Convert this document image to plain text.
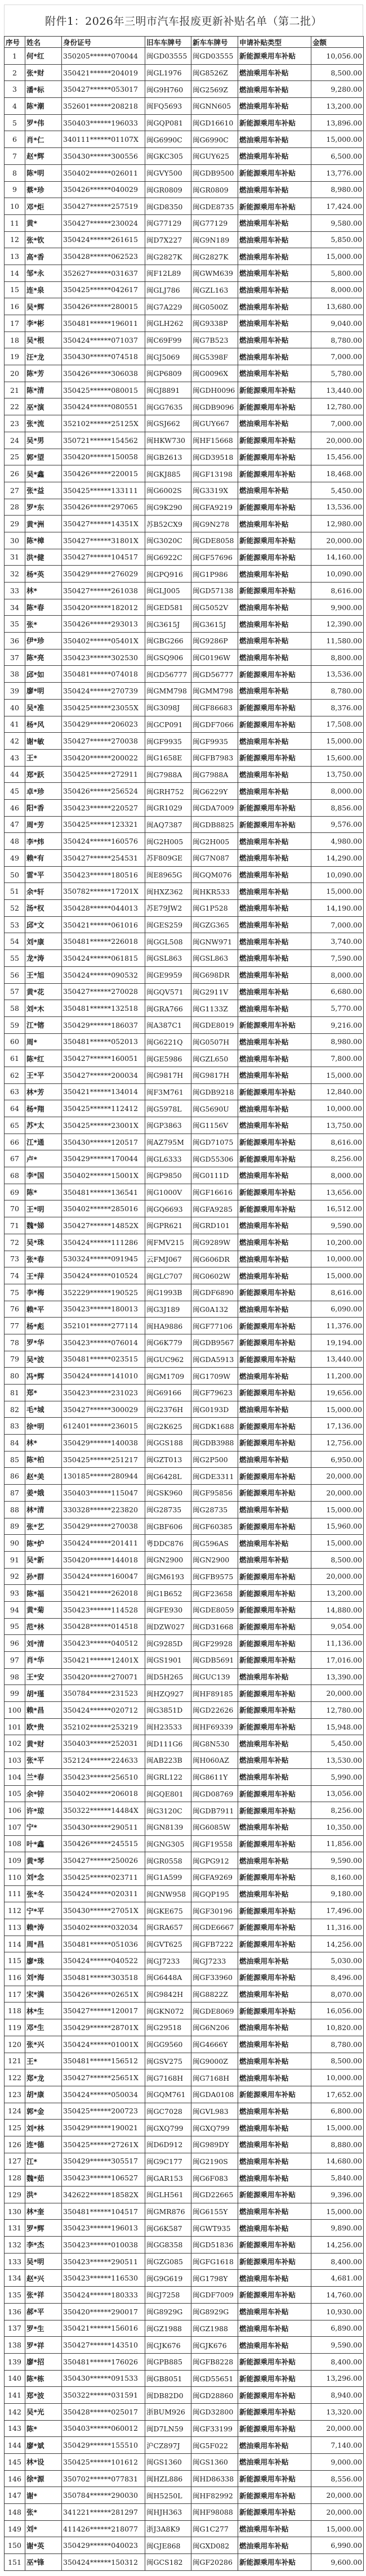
附件1：2026年三明市汽车报废更新补贴名单（第二批）
序号	姓名	身份证号	旧车车牌号	新车车牌号	申请补贴类型	金额
1	何*红	350205******070044	闽GD03555	闽GD03555	新能源乘用车补贴	10,056.00
2	张*财	350421******204019	闽GL1976	闽G8526Z	燃油乘用车补贴	8,500.00
3	潘*标	350427******053017	闽G9H760	闽G2569Z	燃油乘用车补贴	9,280.00
4	陈*潮	352601******208218	闽FQ5693	闽GNN605	燃油乘用车补贴	13,200.00
5	罗*伟	350403******196033	闽GQP081	闽GD16610	新能源乘用车补贴	13,896.00
6	肖*仁	340111******01107X	闽G6990C	闽G6990C	燃油乘用车补贴	15,000.00
7	赵*辉	350430******300556	闽GKC305	闽GUY625	燃油乘用车补贴	6,500.00
8	陈*明	350402******026011	闽GVY500	闽GDB9500	新能源乘用车补贴	13,776.00
9	蔡*珍	350426******040029	闽GR0809	闽GR0809	燃油乘用车补贴	8,980.00
10	邓*炬	350427******257519	闽GD8350	闽GDE8735	新能源乘用车补贴	17,424.00
11	黄*	350427******230024	闽G77129	闽G77129	燃油乘用车补贴	9,580.00
12	张*钦	350424******261615	闽D7X227	闽G9N189	燃油乘用车补贴	5,850.00
13	高*香	350428******062523	闽G2827K	闽G2827K	燃油乘用车补贴	15,000.00
14	邹*永	352627******031637	闽F12L89	闽GWM639	燃油乘用车补贴	5,800.00
15	连*泉	350425******042617	闽GLJ786	闽GZL163	燃油乘用车补贴	8,000.00
16	吴*辉	350426******280015	闽G7A229	闽G0500Z	燃油乘用车补贴	13,680.00
17	李*彬	350481******196011	闽GLH262	闽G9338P	燃油乘用车补贴	9,040.00
18	吴*根	350424******071037	闽C69F99	闽G7B523	燃油乘用车补贴	8,780.00
19	汪*龙	350430******074518	闽GJ5069	闽G5398F	燃油乘用车补贴	7,000.00
20	陈*芳	350426******306038	闽GP6809	闽G0096X	燃油乘用车补贴	5,780.00
21	陈*清	350425******080015	闽GJ8891	闽GDH0096	新能源乘用车补贴	13,440.00
22	巫*演	350424******080551	闽GG7635	闽GDB9096	新能源乘用车补贴	12,780.00
23	张*流	352102******25125X	闽GSJ662	闽GUY667	燃油乘用车补贴	7,000.00
24	吴*男	350721******154562	闽HKW730	闽HF15668	新能源乘用车补贴	20,000.00
25	郭*望	350420******150058	闽GB2613	闽GD39518	新能源乘用车补贴	15,456.00
26	吴*鑫	350426******220015	闽GKJ885	闽GF13198	新能源乘用车补贴	18,468.00
27	张*益	350425******133111	闽G6002S	闽G3319X	燃油乘用车补贴	5,450.00
28	罗*东	350426******297065	闽G9K290	闽GFA9219	新能源乘用车补贴	13,536.00
29	黄*洲	350427******14351X	苏B52CX9	闽G9N278	燃油乘用车补贴	12,980.00
30	陈*樟	350427******31801X	闽G3020C	闽GDE8058	新能源乘用车补贴	20,000.00
31	洪*健	350427******104517	闽G6922C	闽GF57696	新能源乘用车补贴	14,160.00
32	杨*英	350429******276029	闽GPQ916	闽G1P986	燃油乘用车补贴	10,090.00
33	林*	350427******261038	闽GLJ005	闽GD57138	新能源乘用车补贴	8,616.00
34	陈*春	350420******182012	闽GED581	闽G5052V	燃油乘用车补贴	9,900.00
35	张*	350426******293013	闽G3615J	闽G3615J	燃油乘用车补贴	12,390.00
36	伊*珍	350402******05401X	闽GBG266	闽G9286P	燃油乘用车补贴	11,580.00
37	陈*亮	350423******302530	闽GSQ906	闽G0196W	燃油乘用车补贴	8,800.00
38	邱*如	350481******074018	闽GD56777	闽GD56777	新能源乘用车补贴	13,536.00
39	廖*明	350424******270739	闽GMM798	闽GMM798	燃油乘用车补贴	8,780.00
40	吴*准	350425******23055X	闽G3098J	闽GF86683	新能源乘用车补贴	8,376.00
41	杨*风	350429******206023	闽GCP091	闽GDF7066	新能源乘用车补贴	17,508.00
42	谢*敏	350427******270038	闽GF9935	闽GF9935	燃油乘用车补贴	15,000.00
43	王*	350420******200022	闽G1658E	闽GFB7983	新能源乘用车补贴	15,600.00
44	郑*跃	350425******272911	闽G7988A	闽G7988A	燃油乘用车补贴	13,750.00
45	卓*珍	350426******256524	闽GRH752	闽G6229Y	燃油乘用车补贴	8,000.00
46	阳*香	350423******220527	闽GR1029	闽GDA7009	新能源乘用车补贴	8,856.00
47	周*芳	350425******123321	闽AQ7387	闽GDB8825	新能源乘用车补贴	9,576.00
48	李*炜	350424******160576	闽G2H005	闽G2H005	燃油乘用车补贴	4,980.00
49	赖*有	350427******254531	苏F809GE	闽G7N087	燃油乘用车补贴	14,290.00
50	雷*平	350423******180516	闽E8965G	闽GQM076	燃油乘用车补贴	10,090.00
51	余*轩	350782******17201X	闽HXZ362	闽HKR533	燃油乘用车补贴	15,000.00
52	汤*权	350428******044013	苏E79JW2	闽G1P528	燃油乘用车补贴	14,190.00
53	邱*文	350421******061016	闽GES259	闽GZG365	燃油乘用车补贴	7,000.00
54	刘*康	350481******226018	闽GGL508	闽GNW971	燃油乘用车补贴	3,740.00
55	龙*涛	350424******061815	闽GSL863	闽GSL863	燃油乘用车补贴	7,590.00
56	王*旭	350424******090532	闽GE9959	闽G698DR	燃油乘用车补贴	8,000.00
57	黄*花	350427******270028	闽GQV571	闽G2911V	燃油乘用车补贴	6,680.00
58	刘*木	350481******132518	闽GRA766	闽G1133Z	燃油乘用车补贴	5,770.00
59	江*镕	350429******186037	闽A387C1	闽GDE8019	新能源乘用车补贴	9,216.00
60	周*	350481******052013	闽G6221Q	闽G0507H	燃油乘用车补贴	8,980.00
61	陈*红	350427******160051	闽GE5986	闽GZL650	燃油乘用车补贴	7,800.00
62	王*平	350427******200034	闽G9817H	闽G9817H	燃油乘用车补贴	15,000.00
63	林*芳	350421******134014	闽F3M761	闽GDB9218	新能源乘用车补贴	12,840.00
64	杨*翔	350425******112412	闽G5978L	闽G5690U	燃油乘用车补贴	10,000.00
65	苏*太	350425******23001X	闽GP3863	闽G1156V	燃油乘用车补贴	13,750.00
66	江*通	350430******120517	闽AZ795M	闽GD71075	新能源乘用车补贴	8,616.00
67	卢*	350429******170044	闽GL6333	闽GD55306	新能源乘用车补贴	8,256.00
68	李*国	350402******15001X	闽GP9850	闽G0111D	燃油乘用车补贴	8,000.00
69	陈*	350481******136541	闽G1000V	闽GF16616	新能源乘用车补贴	13,656.00
70	王*明	350402******285016	闽GQ6693	闽GFA9285	新能源乘用车补贴	16,512.00
71	魏*娣	350427******14852X	闽GPR621	闽GRD101	燃油乘用车补贴	9,590.00
72	吴*珠	350424******111286	闽FMV215	闽G9289W	燃油乘用车补贴	10,200.00
73	张*春	530324******091945	云FMJ067	闽G606DR	燃油乘用车补贴	10,000.00
74	王*萍	350424******010524	闽GLC707	闽G0602W	燃油乘用车补贴	15,000.00
75	李*梅	352229******190525	闽G1993B	闽GDF6890	新能源乘用车补贴	8,616.00
76	赖*平	350423******180013	闽G3J189	闽G0A132	燃油乘用车补贴	6,090.00
77	杨*彪	352101******277114	闽HA9886	闽GF77106	新能源乘用车补贴	11,376.00
78	罗*华	350423******076014	闽G6K779	闽GDB9567	新能源乘用车补贴	19,194.00
79	吴*波	350481******023515	闽GUC962	闽GDA5913	新能源乘用车补贴	13,440.00
80	冯*辉	350424******141010	闽GM1709	闽G1709W	燃油乘用车补贴	11,200.00
81	郑*	350423******231023	闽G69166	闽GF79623	新能源乘用车补贴	19,656.00
82	毛*城	350427******300029	闽G2376H	闽G0193D	燃油乘用车补贴	15,000.00
83	徐*明	612401******236015	闽G2K625	闽GDK1688	新能源乘用车补贴	17,136.00
84	林*	350429******140038	闽GGS188	闽GDB3988	新能源乘用车补贴	12,756.00
85	陈*柏	350425******251217	闽GZT013	闽G2P500	燃油乘用车补贴	6,950.00
86	赵*美	130185******280944	闽G6428L	闽GDE3311	新能源乘用车补贴	20,000.00
87	姜*娥	350403******115047	闽GSK960	闽GF95856	新能源乘用车补贴	20,000.00
88	林*清	330328******223820	闽G28735	闽G28735	燃油乘用车补贴	15,000.00
89	张*艺	350429******270038	闽GBF606	闽GF60385	新能源乘用车补贴	15,960.00
90	陈*炉	350424******201411	粤DDC876	闽G596AS	燃油乘用车补贴	15,000.00
91	吴*新	350420******144018	闽GN2900	闽GN2900	燃油乘用车补贴	8,500.00
92	孙*群	350424******160047	闽GM6193	闽GFB9575	新能源乘用车补贴	20,000.00
93	陈*福	350421******262018	闽G1B652	闽GF23658	新能源乘用车补贴	13,200.00
94	黄*菊	350423******114528	闽GFE930	闽GDE8059	新能源乘用车补贴	14,880.00
95	范*林	350428******014518	闽DZW027	闽GD31668	新能源乘用车补贴	9,054.00
96	刘*清	350423******040512	闽G9285D	闽GF29928	新能源乘用车补贴	11,136.00
97	肖*华	350421******12401X	闽GS1901	闽GDB5691	新能源乘用车补贴	17,016.00
98	王*安	350420******270071	闽D5H265	闽GUC139	燃油乘用车补贴	13,390.00
99	胡*瑾	350784******231523	闽HZQ927	闽HF89185	新能源乘用车补贴	20,000.00
100	赖*昌	350424******020712	闽G3851D	闽GD22626	新能源乘用车补贴	12,780.00
101	欧*贵	352102******253219	闽H23533	闽HF69339	新能源乘用车补贴	15,948.00
102	黄*财	350403******252031	闽D111G6	闽G8N530	燃油乘用车补贴	5,450.00
103	张*平	352124******224633	闽AB223B	闽H060AZ	燃油乘用车补贴	13,530.00
104	兰*春	350423******256510	闽GRL122	闽G8611Y	燃油乘用车补贴	5,990.00
105	余*锌	350402******206018	闽GQE801	闽GD08769	新能源乘用车补贴	13,056.00
106	许*琼	350322******14484X	闽G3120C	闽GDB7911	新能源乘用车补贴	8,256.00
107	宁*	350430******290511	闽GN8139	闽G6085W	燃油乘用车补贴	10,350.00
108	叶*鑫	350426******245515	闽GNG305	闽GF19558	新能源乘用车补贴	11,856.00
109	黄*琴	350427******250026	闽GR0558	闽GPG912	燃油乘用车补贴	9,590.00
110	刘*念	350425******023711	闽G1A599	闽GFA9269	新能源乘用车补贴	8,160.00
111	张*冬	350424******020311	闽GNW958	闽GQP195	燃油乘用车补贴	9,180.00
112	宁*平	350430******27051X	闽GKE675	闽GF30196	新能源乘用车补贴	17,496.00
113	赖*涛	350402******032034	闽GRA657	闽GDE6667	新能源乘用车补贴	11,316.00
114	周*昌	350481******051036	闽GVT625	闽GFB7222	新能源乘用车补贴	14,256.00
115	廖*珠	350424******040522	闽GJ7233	闽GJ7233	燃油乘用车补贴	5,030.00
116	刘*海	350481******303518	闽G6448A	闽GF33960	新能源乘用车补贴	8,496.00
117	宋*满	350426******02651X	闽G9842H	闽G8822Z	燃油乘用车补贴	8,070.00
118	林*生	350427******120017	闽GKN072	闽GDE8069	新能源乘用车补贴	16,056.00
119	邓*生	350429******28701X	闽G29518	闽G6N206	燃油乘用车补贴	10,820.00
120	张*兴	350424******01001X	闽GG9560	闽G4666Y	燃油乘用车补贴	8,780.00
121	王*	350481******156512	闽GSV275	闽G9000Z	燃油乘用车补贴	8,500.00
122	郑*龙	350427******25651X	闽G7168H	闽G7168H	燃油乘用车补贴	10,000.00
123	胡*康	350424******050034	闽GQM761	闽GDA0108	新能源乘用车补贴	17,652.00
124	郭*金	350425******200723	闽GC7028	闽GVL983	燃油乘用车补贴	6,800.00
125	刘*林	350429******190021	闽GXQ799	闽GXQ799	燃油乘用车补贴	15,000.00
126	连*德	350425******27261X	闽D6D912	闽G989DY	燃油乘用车补贴	8,880.00
127	江*	350429******305517	闽G9C177	闽G2190S	燃油乘用车补贴	14,680.00
128	魏*茹	350423******106527	闽GAR153	闽G6F083	燃油乘用车补贴	5,840.00
129	洪*	342622******18582X	闽GLH561	闽GD22665	新能源乘用车补贴	9,396.00
130	林*奎	350481******104517	闽GMR876	闽G6155Y	燃油乘用车补贴	15,000.00
131	罗*辉	350423******196013	闽G6K587	闽GWT935	燃油乘用车补贴	9,890.00
132	李*杰	350423******010038	闽GG8358	闽GD51836	新能源乘用车补贴	14,256.00
133	吴*明	350423******290511	闽GZG085	闽GFG1618	新能源乘用车补贴	8,400.00
134	赵*兴	350423******116530	闽G9G619	闽G1798Y	燃油乘用车补贴	4,681.00
135	张*祥	350424******180333	闽GJ7258	闽GDF7009	新能源乘用车补贴	14,760.00
136	郝*平	350420******290017	闽G8929G	闽G8929G	燃油乘用车补贴	10,930.00
137	罗*生	350421******156016	闽GZ1988	闽GZ1988	燃油乘用车补贴	6,890.00
138	罗*祥	350427******143510	闽GJK676	闽GJK676	燃油乘用车补贴	9,590.00
139	廖*招	350481******176026	闽GPB885	闽GFB8228	新能源乘用车补贴	8,400.00
140	陈*栋	350430******091533	闽GB8051	闽GD55651	新能源乘用车补贴	13,296.00
141	郑*波	350322******031591	闽DB82D0	闽GD28860	新能源乘用车补贴	8,940.00
142	吴*光	350428******025017	浙BUM926	闽GD32800	新能源乘用车补贴	13,320.00
143	陈*	350403******060012	闽D7LN59	闽GF33199	新能源乘用车补贴	20,000.00
144	廖*斌	350429******155510	沪CZ897J	闽G5F022	燃油乘用车补贴	7,140.00
145	林*设	350425******101612	闽GS1360	闽GS1360	燃油乘用车补贴	9,000.00
146	徐*源	350702******077831	闽HZL886	闽HD86338	新能源乘用车补贴	8,556.00
147	谢*	350784******290030	闽H5250L	闽HF82992	新能源乘用车补贴	20,000.00
148	张*	341221******281297	闽HJH363	闽HF98088	新能源乘用车补贴	20,000.00
149	刘*	411426******218077	浙J3A8K9	闽G1C277	燃油乘用车补贴	15,000.00
150	谢*英	350429******040023	闽GJE868	闽GXD082	燃油乘用车补贴	6,990.00
151	巫*锋	350424******150312	闽GCS182	闽GF20286	新能源乘用车补贴	9,600.00
